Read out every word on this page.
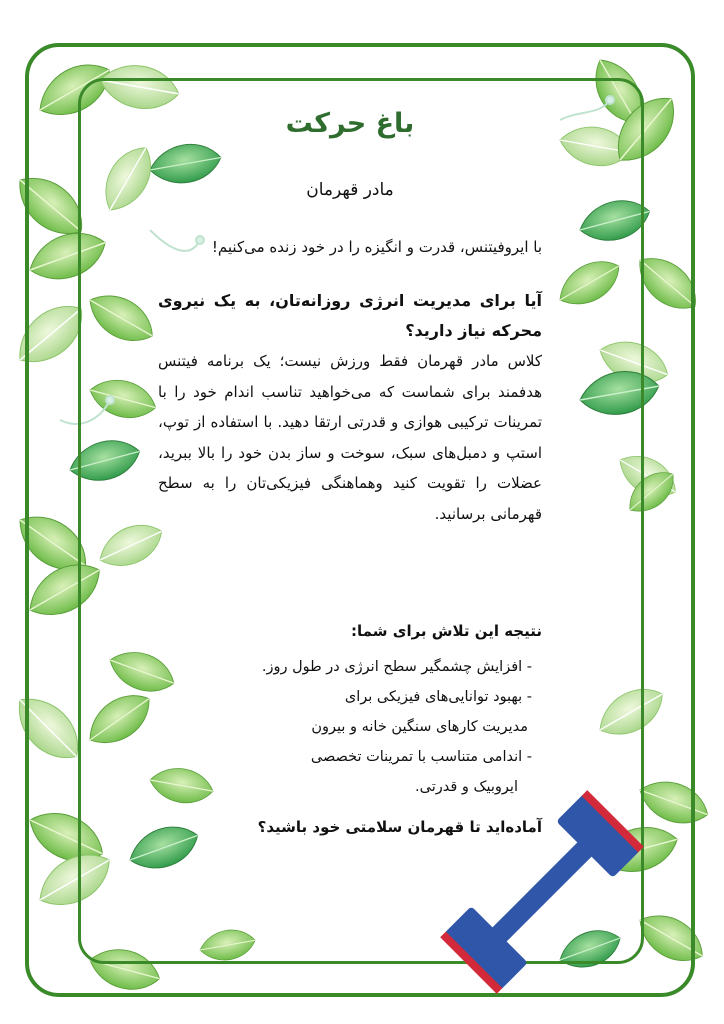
باغ حرکت
مادر قهرمان
با ایروفیتنس، قدرت و انگیزه را در خود زنده می‌کنیم!
آیا برای مدیریت انرژی روزانه‌تان، به یک نیروی محرکه نیاز دارید؟
کلاس مادر قهرمان فقط ورزش نیست؛ یک برنامه فیتنس هدفمند برای شماست که می‌خواهید تناسب اندام خود را با تمرینات ترکیبی هوازی و قدرتی ارتقا دهید. با استفاده از توپ، استپ و دمبل‌های سبک، سوخت و ساز بدن خود را بالا ببرید، عضلات را تقویت کنید وهماهنگی فیزیکی‌تان را به سطح قهرمانی برسانید.
نتیجه این تلاش برای شما:
- افزایش چشمگیر سطح انرژی در طول روز.
- بهبود توانایی‌های فیزیکی برای
مدیریت کارهای سنگین خانه و بیرون
- اندامی متناسب با تمرینات تخصصی
ایروبیک و قدرتی.
آماده‌اید تا قهرمان سلامتی خود باشید؟
